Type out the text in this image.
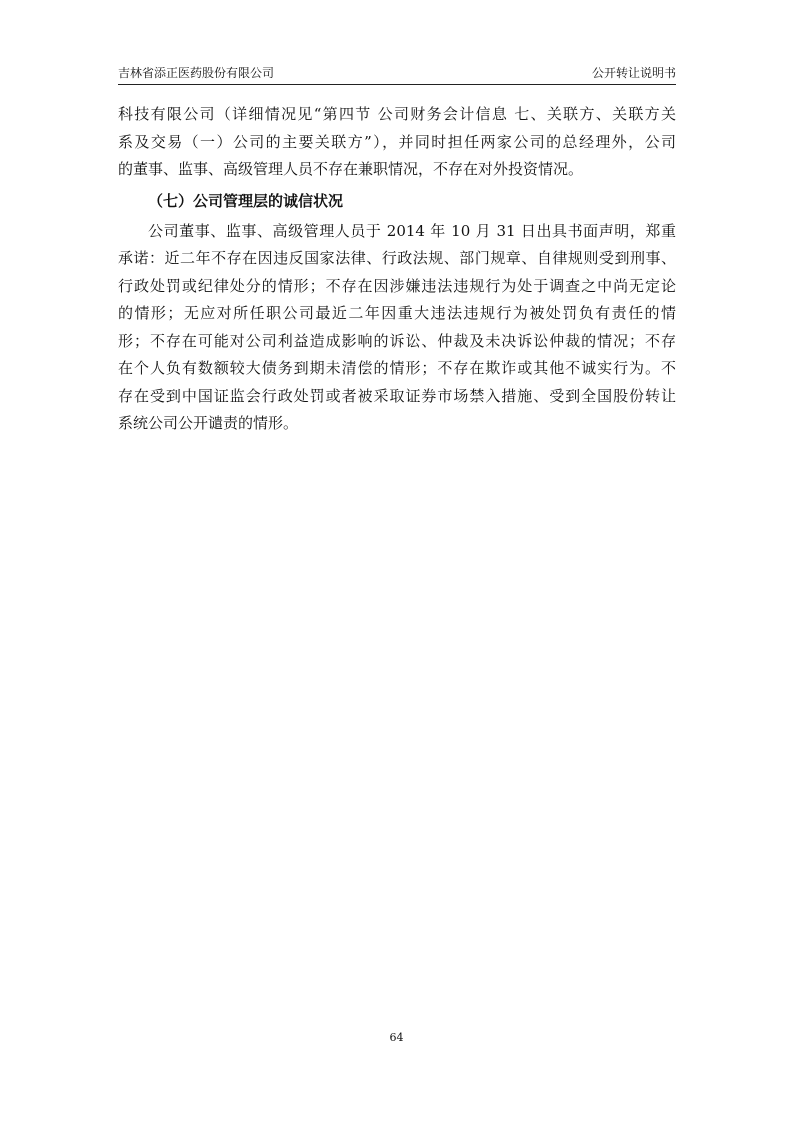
吉林省添正医药股份有限公司	公开转让说明书
科技有限公司（详细情况见“第四节 公司财务会计信息 七、关联方、关联方关
系及交易（一）公司的主要关联方”），并同时担任两家公司的总经理外，公司
的董事、监事、高级管理人员不存在兼职情况，不存在对外投资情况。
（七）公司管理层的诚信状况
公司董事、监事、高级管理人员于 2014 年 10 月 31 日出具书面声明，郑重
承诺：近二年不存在因违反国家法律、行政法规、部门规章、自律规则受到刑事、
行政处罚或纪律处分的情形；不存在因涉嫌违法违规行为处于调查之中尚无定论
的情形；无应对所任职公司最近二年因重大违法违规行为被处罚负有责任的情
形；不存在可能对公司利益造成影响的诉讼、仲裁及未决诉讼仲裁的情况；不存
在个人负有数额较大债务到期未清偿的情形；不存在欺诈或其他不诚实行为。不
存在受到中国证监会行政处罚或者被采取证券市场禁入措施、受到全国股份转让
系统公司公开谴责的情形。
64
